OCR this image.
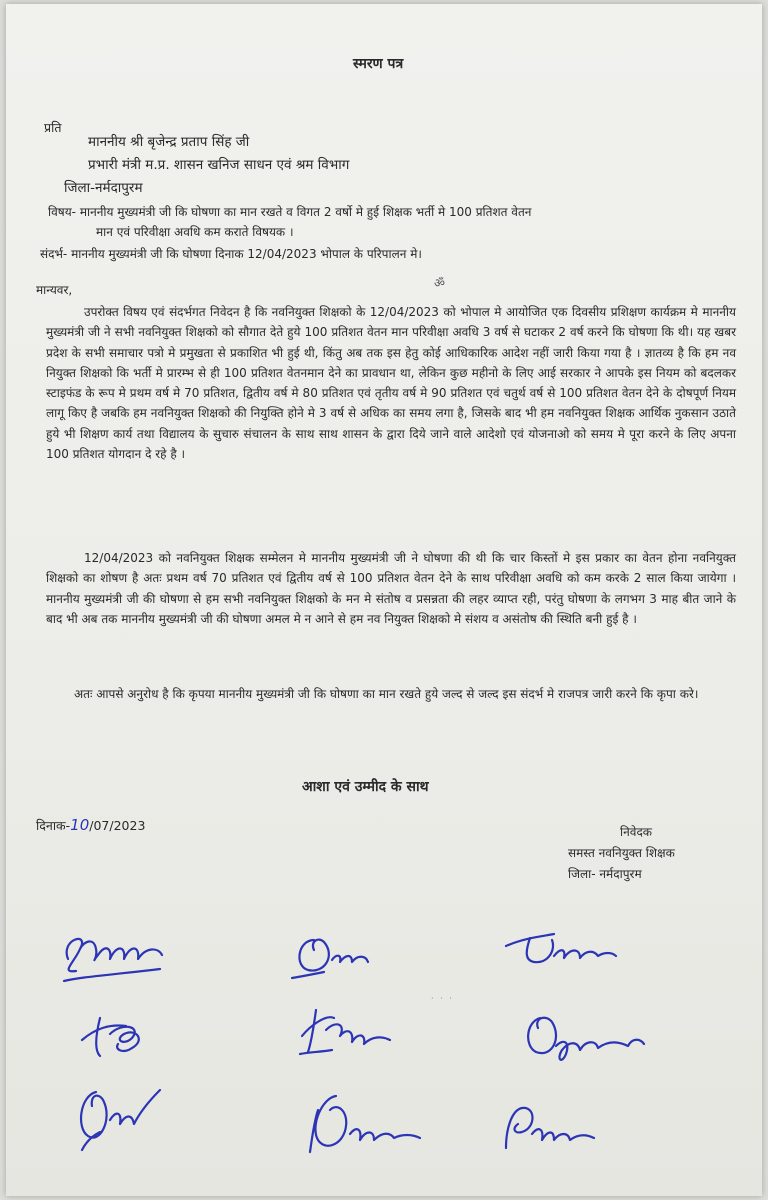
स्मरण पत्र
प्रति
माननीय श्री बृजेन्द्र प्रताप सिंह जी
प्रभारी मंत्री म.प्र. शासन खनिज साधन एवं श्रम विभाग
जिला-नर्मदापुरम
विषय- माननीय मुख्यमंत्री जी कि घोषणा का मान रखते व विगत 2 वर्षो मे हुई शिक्षक भर्ती मे 100 प्रतिशत वेतन
मान एवं परिवीक्षा अवधि कम कराते विषयक ।
संदर्भ- माननीय मुख्यमंत्री जी कि घोषणा दिनाक 12/04/2023 भोपाल के परिपालन मे।
ॐ
मान्यवर,

उपरोक्त विषय एवं संदर्भगत निवेदन है कि नवनियुक्त शिक्षको के 12/04/2023 को भोपाल मे आयोजित एक दिवसीय प्रशिक्षण कार्यक्रम मे माननीय मुख्यमंत्री जी ने सभी नवनियुक्त शिक्षको को सौगात देते हुये 100 प्रतिशत वेतन मान परिवीक्षा अवधि 3 वर्ष से घटाकर 2 वर्ष करने कि घोषणा कि थी। यह खबर प्रदेश के सभी समाचार पत्रो मे प्रमुखता से प्रकाशित भी हुई थी, किंतु अब तक इस हेतु कोई आधिकारिक आदेश नहीं जारी किया गया है । ज्ञातव्य है कि हम नव नियुक्त शिक्षको कि भर्ती मे प्रारम्भ से ही 100 प्रतिशत वेतनमान देने का प्रावधान था, लेकिन कुछ महीनो के लिए आई सरकार ने आपके इस नियम को बदलकर स्टाइफंड के रूप मे प्रथम वर्ष मे 70 प्रतिशत, द्वितीय वर्ष मे 80 प्रतिशत एवं तृतीय वर्ष मे 90 प्रतिशत एवं चतुर्थ वर्ष से 100 प्रतिशत वेतन देने के दोषपूर्ण नियम लागू किए है जबकि हम नवनियुक्त शिक्षको की नियुक्ति होने मे 3 वर्ष से अधिक का समय लगा है, जिसके बाद भी हम नवनियुक्त शिक्षक आर्थिक नुकसान उठाते हुये भी शिक्षण कार्य तथा विद्यालय के सुचारु संचालन के साथ साथ शासन के द्वारा दिये जाने वाले आदेशो एवं योजनाओ को समय मे पूरा करने के लिए अपना 100 प्रतिशत योगदान दे रहे है ।

12/04/2023 को नवनियुक्त शिक्षक सम्मेलन मे माननीय मुख्यमंत्री जी ने घोषणा की थी कि चार किस्तों मे इस प्रकार का वेतन होना नवनियुक्त शिक्षको का शोषण है अतः प्रथम वर्ष 70 प्रतिशत एवं द्वितीय वर्ष से 100 प्रतिशत वेतन देने के साथ परिवीक्षा अवधि को कम करके 2 साल किया जायेगा ।माननीय मुख्यमंत्री जी की घोषणा से हम सभी नवनियुक्त शिक्षको के मन मे संतोष व प्रसन्नता की लहर व्याप्त रही, परंतु घोषणा के लगभग 3 माह बीत जाने के बाद भी अब तक माननीय मुख्यमंत्री जी की घोषणा अमल मे न आने से हम नव नियुक्त शिक्षको मे संशय व असंतोष की स्थिति बनी हुई है ।

अतः आपसे अनुरोध है कि कृपया माननीय मुख्यमंत्री जी कि घोषणा का मान रखते हुये जल्द से जल्द इस संदर्भ मे राजपत्र जारी करने कि कृपा करे।

आशा एवं उम्मीद के साथ
दिनाक-10/07/2023	निवेदक
समस्त नवनियुक्त शिक्षक
जिला- नर्मदापुरम
· · ·
